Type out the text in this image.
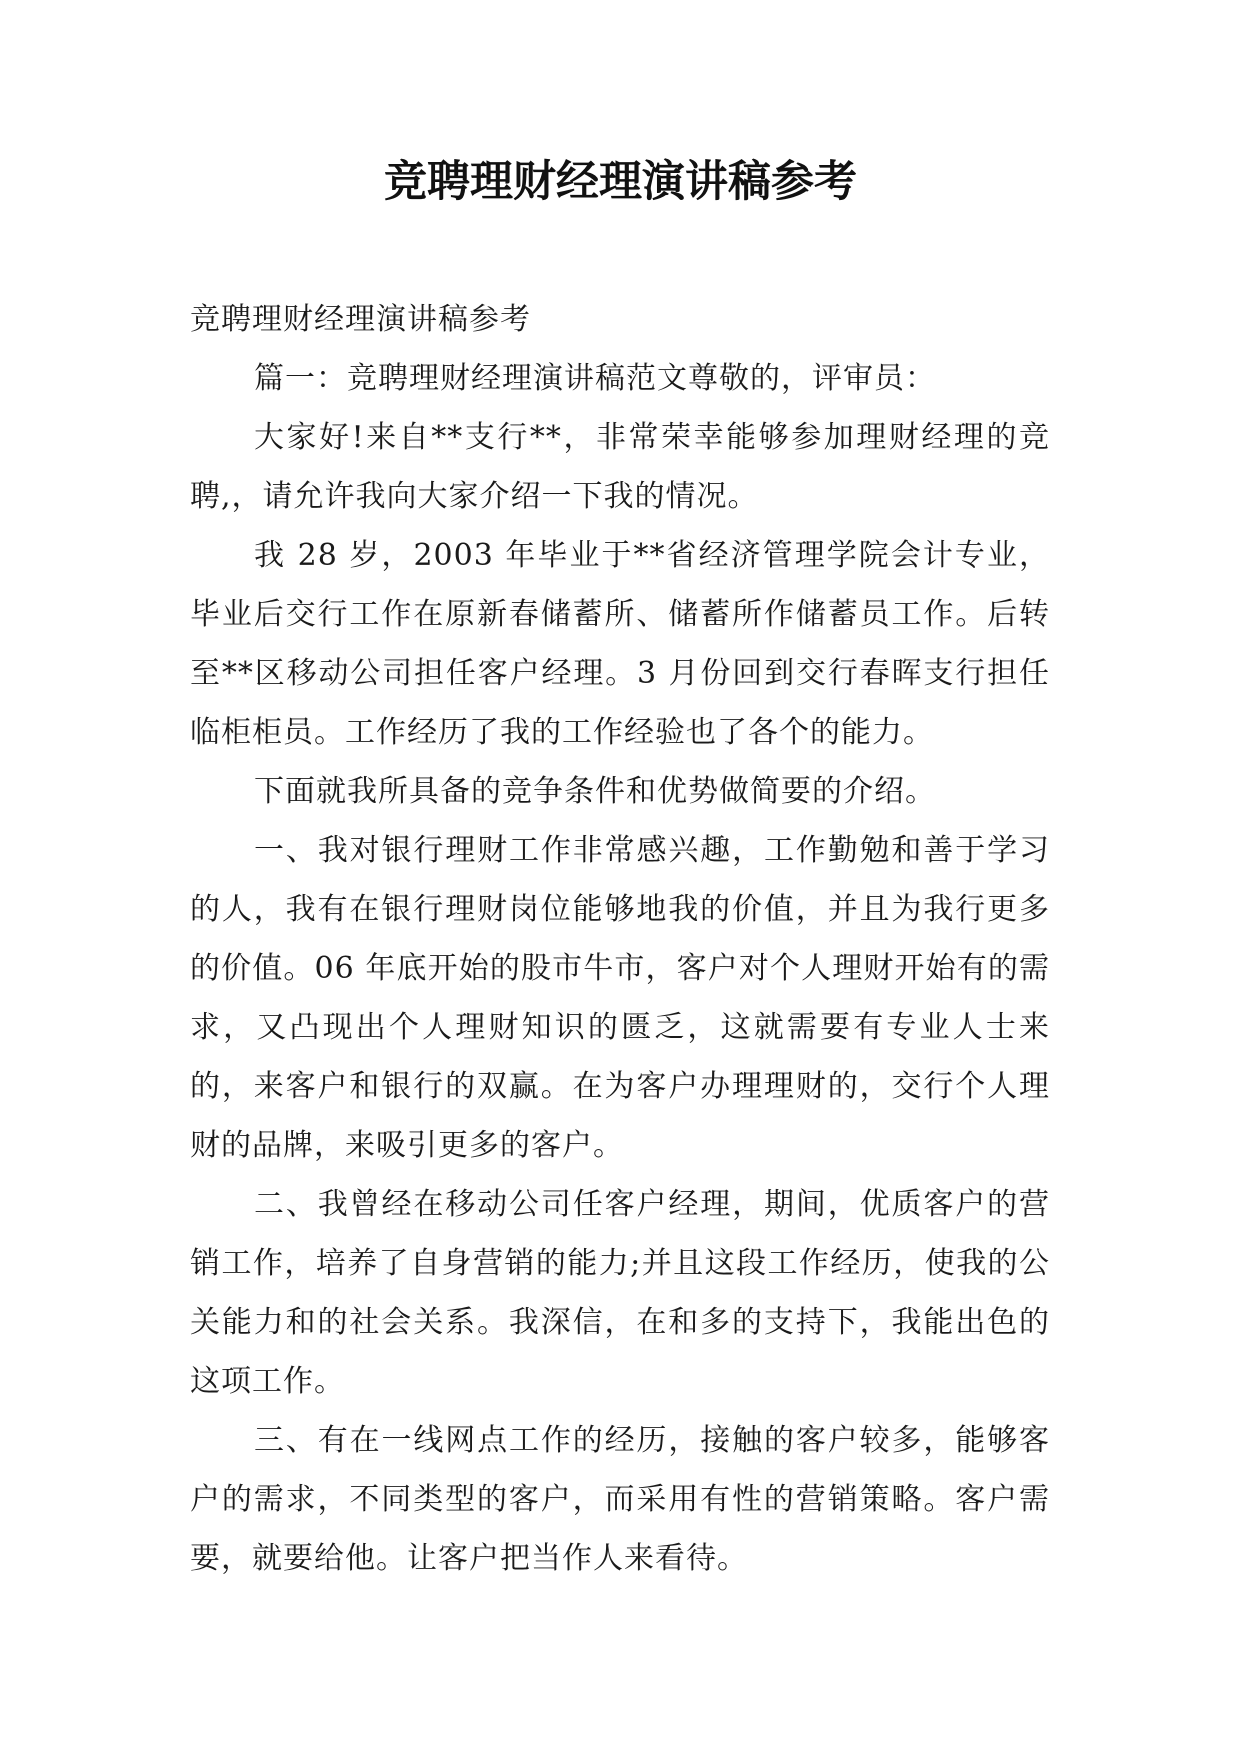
竞聘理财经理演讲稿参考

竞聘理财经理演讲稿参考

篇一：竞聘理财经理演讲稿范文尊敬的，评审员：

大家好!来自**支行**，非常荣幸能够参加理财经理的竞聘,，请允许我向大家介绍一下我的情况。

我 28 岁，2003 年毕业于**省经济管理学院会计专业，毕业后交行工作在原新春储蓄所、储蓄所作储蓄员工作。后转至**区移动公司担任客户经理。3 月份回到交行春晖支行担任临柜柜员。工作经历了我的工作经验也了各个的能力。

下面就我所具备的竞争条件和优势做简要的介绍。

一、我对银行理财工作非常感兴趣，工作勤勉和善于学习的人，我有在银行理财岗位能够地我的价值，并且为我行更多的价值。06 年底开始的股市牛市，客户对个人理财开始有的需求，又凸现出个人理财知识的匮乏，这就需要有专业人士来的，来客户和银行的双赢。在为客户办理理财的，交行个人理财的品牌，来吸引更多的客户。

二、我曾经在移动公司任客户经理，期间，优质客户的营销工作，培养了自身营销的能力;并且这段工作经历，使我的公关能力和的社会关系。我深信，在和多的支持下，我能出色的这项工作。

三、有在一线网点工作的经历，接触的客户较多，能够客户的需求，不同类型的客户，而采用有性的营销策略。客户需要，就要给他。让客户把当作人来看待。
